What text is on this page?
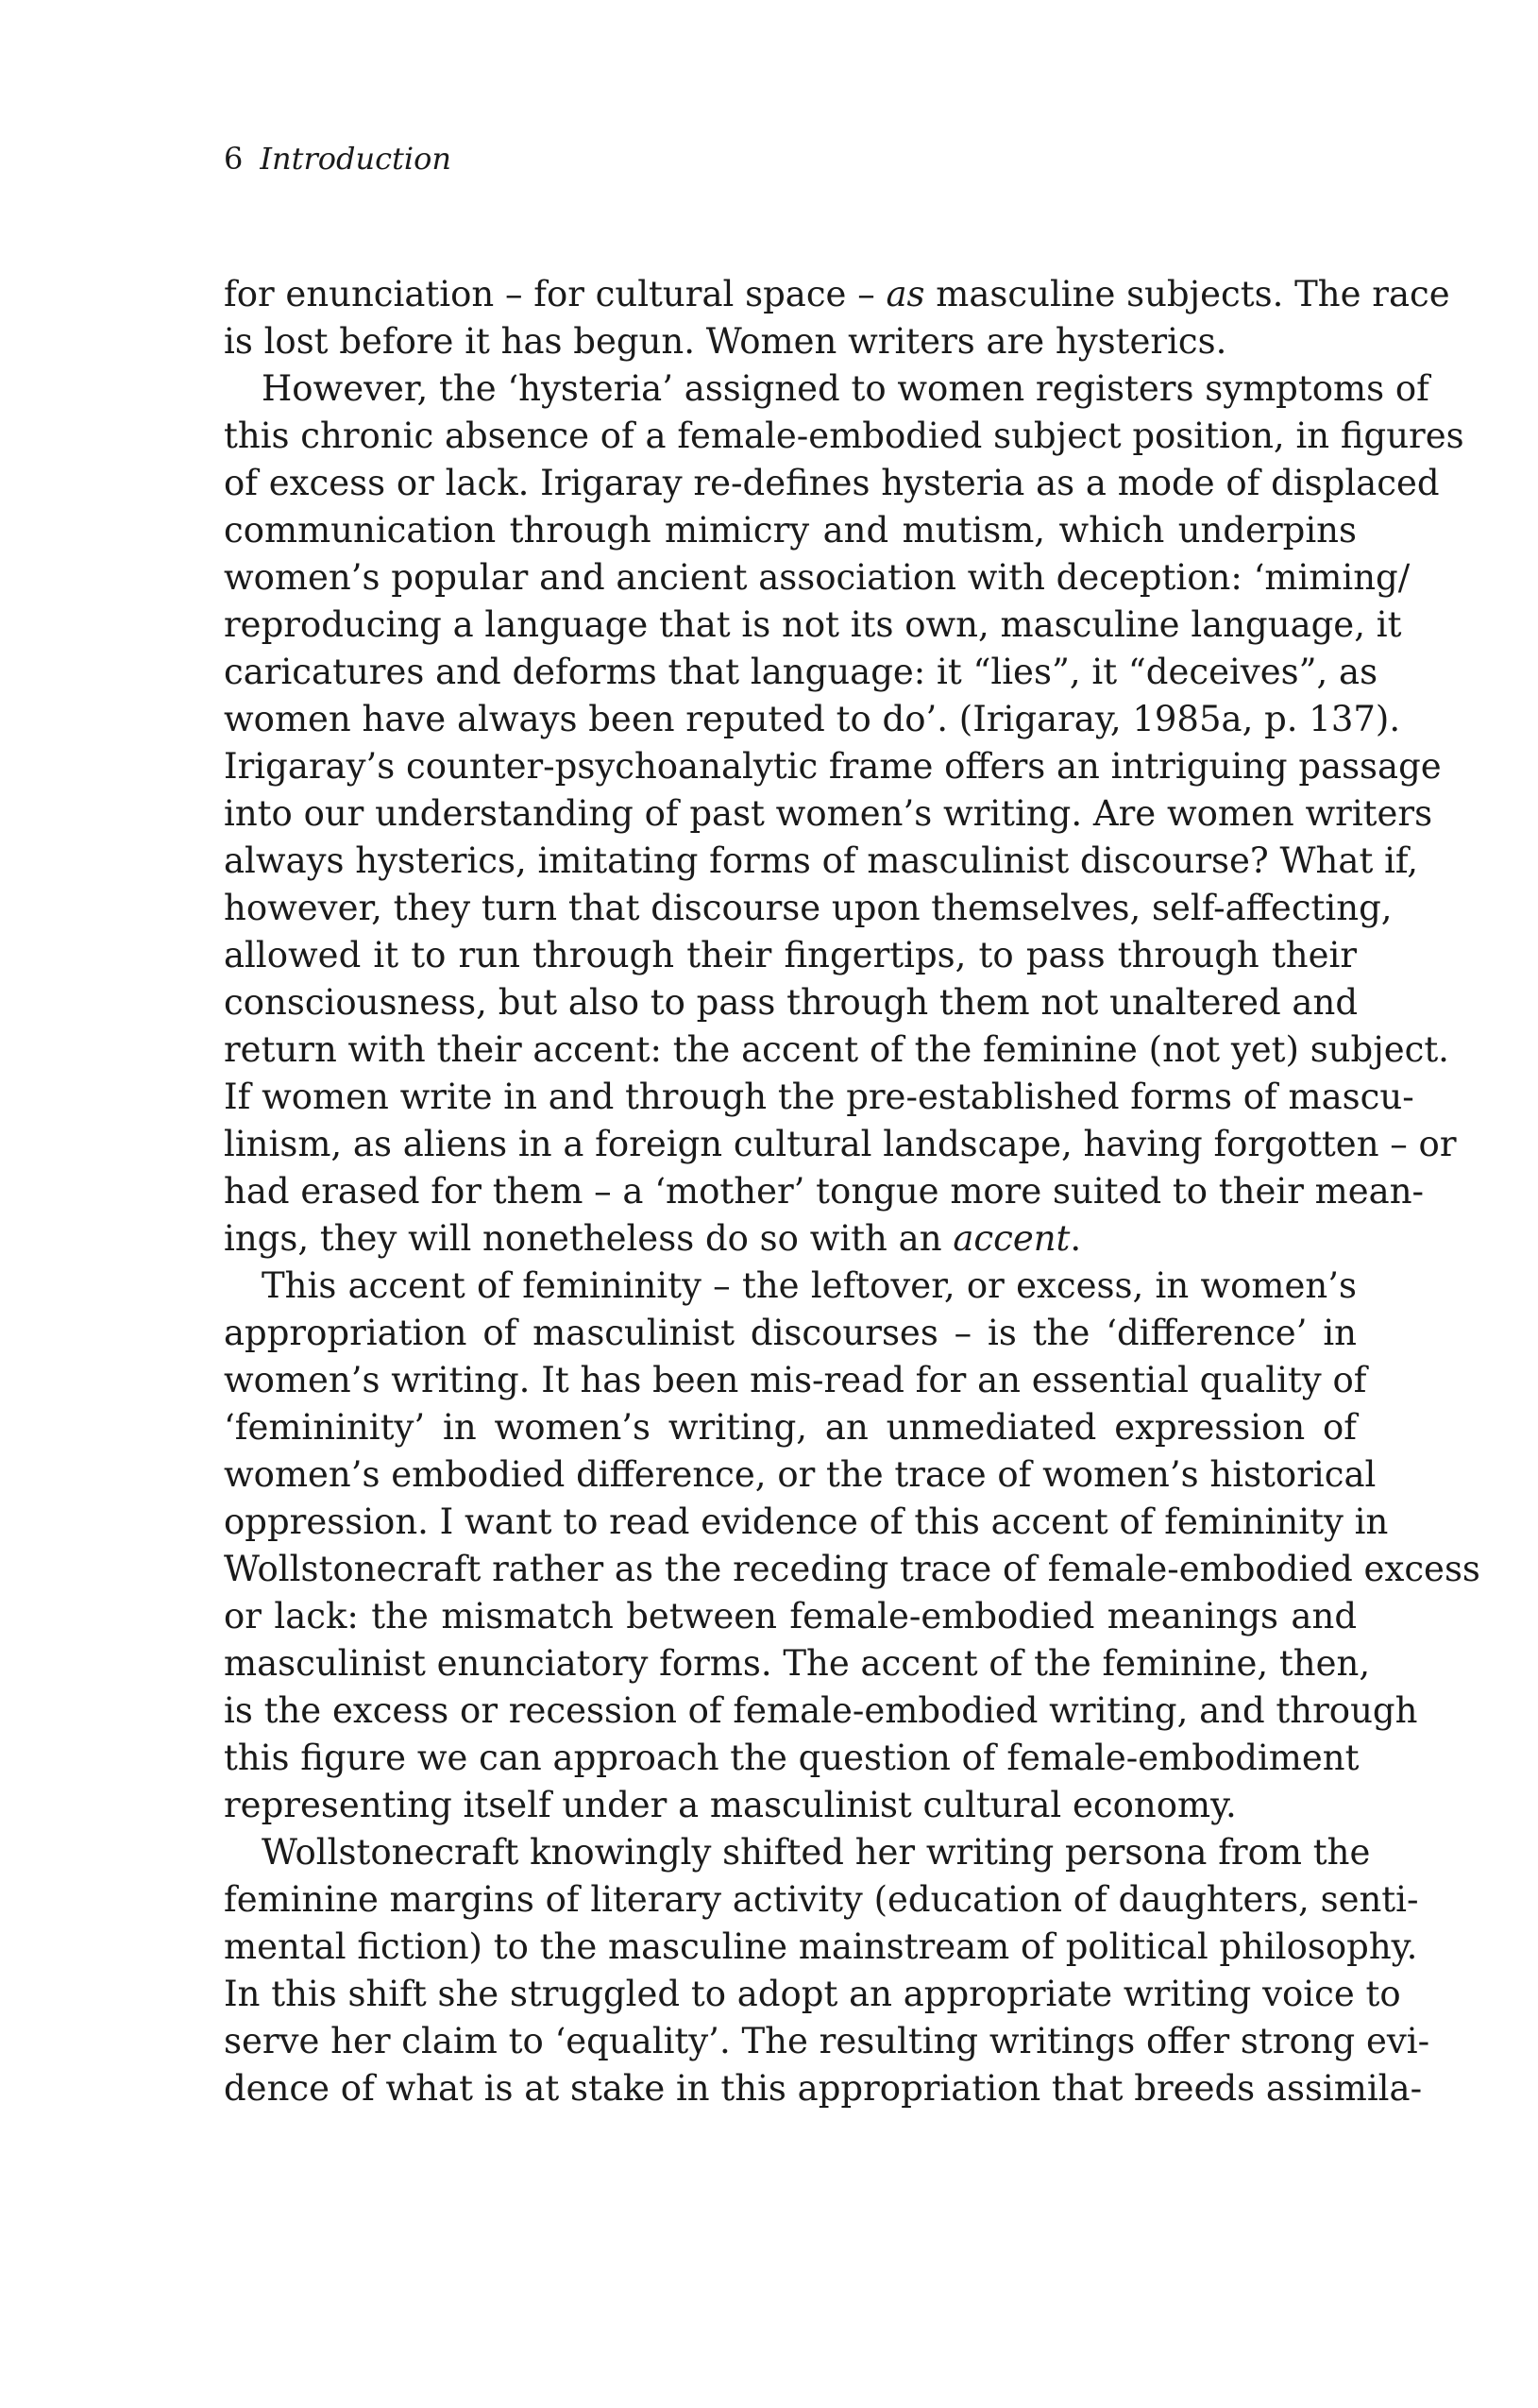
6 Introduction
for enunciation – for cultural space – as masculine subjects. The race
is lost before it has begun. Women writers are hysterics.
However, the ‘hysteria’ assigned to women registers symptoms of
this chronic absence of a female-embodied subject position, in figures
of excess or lack. Irigaray re-defines hysteria as a mode of displaced
communication through mimicry and mutism, which underpins
women’s popular and ancient association with deception: ‘miming/
reproducing a language that is not its own, masculine language, it
caricatures and deforms that language: it “lies”, it “deceives”, as
women have always been reputed to do’. (Irigaray, 1985a, p. 137).
Irigaray’s counter-psychoanalytic frame offers an intriguing passage
into our understanding of past women’s writing. Are women writers
always hysterics, imitating forms of masculinist discourse? What if,
however, they turn that discourse upon themselves, self-affecting,
allowed it to run through their fingertips, to pass through their
consciousness, but also to pass through them not unaltered and
return with their accent: the accent of the feminine (not yet) subject.
If women write in and through the pre-established forms of mascu-
linism, as aliens in a foreign cultural landscape, having forgotten – or
had erased for them – a ‘mother’ tongue more suited to their mean-
ings, they will nonetheless do so with an accent.
This accent of femininity – the leftover, or excess, in women’s
appropriation of masculinist discourses – is the ‘difference’ in
women’s writing. It has been mis-read for an essential quality of
‘femininity’ in women’s writing, an unmediated expression of
women’s embodied difference, or the trace of women’s historical
oppression. I want to read evidence of this accent of femininity in
Wollstonecraft rather as the receding trace of female-embodied excess
or lack: the mismatch between female-embodied meanings and
masculinist enunciatory forms. The accent of the feminine, then,
is the excess or recession of female-embodied writing, and through
this figure we can approach the question of female-embodiment
representing itself under a masculinist cultural economy.
Wollstonecraft knowingly shifted her writing persona from the
feminine margins of literary activity (education of daughters, senti-
mental fiction) to the masculine mainstream of political philosophy.
In this shift she struggled to adopt an appropriate writing voice to
serve her claim to ‘equality’. The resulting writings offer strong evi-
dence of what is at stake in this appropriation that breeds assimila-
